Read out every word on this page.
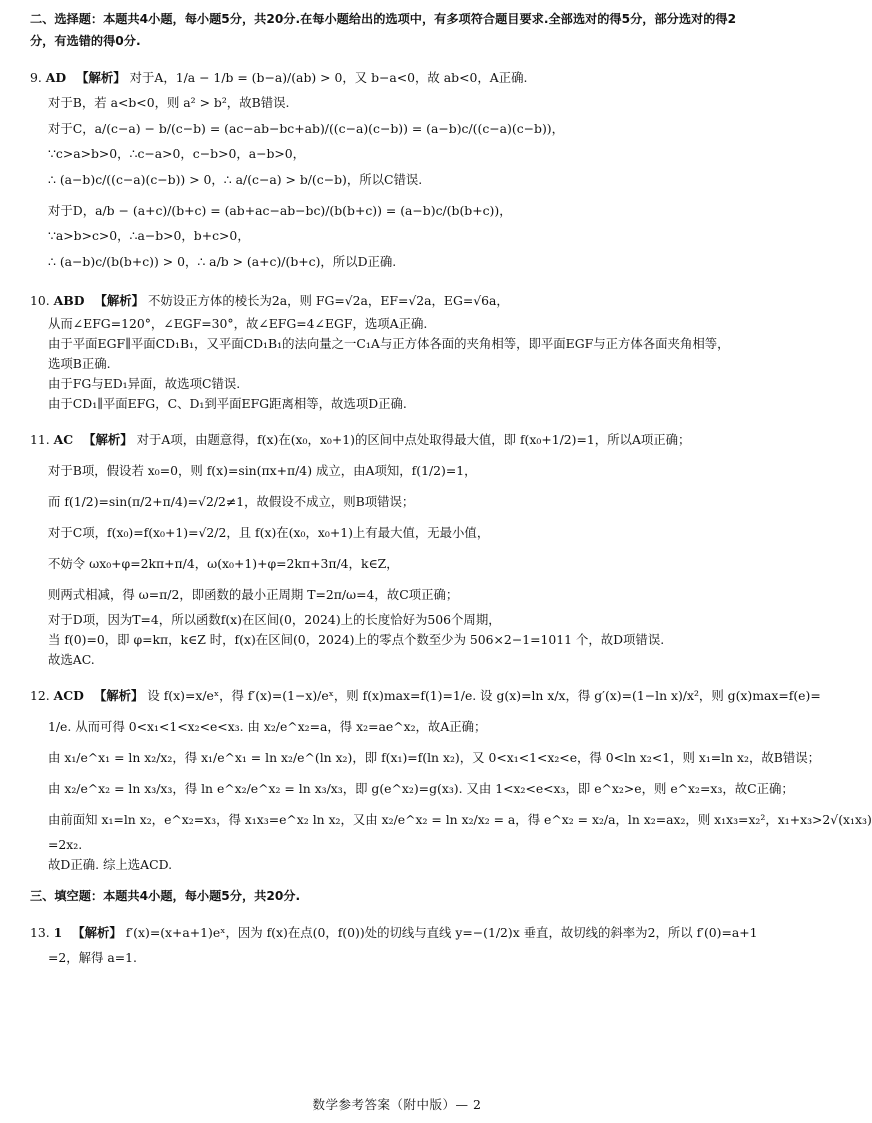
二、选择题：本题共4小题，每小题5分，共20分.在每小题给出的选项中，有多项符合题目要求.全部选对的得5分，部分选对的得2
分，有选错的得0分.
9. AD 【解析】 对于A，1/a − 1/b = (b−a)/(ab) > 0，又 b−a<0，故 ab<0，A正确.
对于B，若 a<b<0，则 a² > b²，故B错误.
对于C，a/(c−a) − b/(c−b) = (ac−ab−bc+ab)/((c−a)(c−b)) = (a−b)c/((c−a)(c−b))，
∵c>a>b>0，∴c−a>0，c−b>0，a−b>0，
∴ (a−b)c/((c−a)(c−b)) > 0，∴ a/(c−a) > b/(c−b)，所以C错误.
对于D，a/b − (a+c)/(b+c) = (ab+ac−ab−bc)/(b(b+c)) = (a−b)c/(b(b+c))，
∵a>b>c>0，∴a−b>0，b+c>0，
∴ (a−b)c/(b(b+c)) > 0，∴ a/b > (a+c)/(b+c)，所以D正确.
10. ABD 【解析】 不妨设正方体的棱长为2a，则 FG=√2a，EF=√2a，EG=√6a，
从而∠EFG=120°，∠EGF=30°，故∠EFG=4∠EGF，选项A正确.
由于平面EGF∥平面CD₁B₁，又平面CD₁B₁的法向量之一C₁A与正方体各面的夹角相等，即平面EGF与正方体各面夹角相等，
选项B正确.
由于FG与ED₁异面，故选项C错误.
由于CD₁∥平面EFG，C、D₁到平面EFG距离相等，故选项D正确.
11. AC 【解析】 对于A项，由题意得，f(x)在(x₀，x₀+1)的区间中点处取得最大值，即 f(x₀+1/2)=1，所以A项正确；
对于B项，假设若 x₀=0，则 f(x)=sin(πx+π/4) 成立，由A项知，f(1/2)=1，
而 f(1/2)=sin(π/2+π/4)=√2/2≠1，故假设不成立，则B项错误；
对于C项，f(x₀)=f(x₀+1)=√2/2，且 f(x)在(x₀，x₀+1)上有最大值，无最小值，
不妨令 ωx₀+φ=2kπ+π/4，ω(x₀+1)+φ=2kπ+3π/4，k∈Z，
则两式相减，得 ω=π/2，即函数的最小正周期 T=2π/ω=4，故C项正确；
对于D项，因为T=4，所以函数f(x)在区间(0，2024)上的长度恰好为506个周期，
当 f(0)=0，即 φ=kπ，k∈Z 时，f(x)在区间(0，2024)上的零点个数至少为 506×2−1=1011 个，故D项错误.
故选AC.
12. ACD 【解析】 设 f(x)=x/eˣ，得 f′(x)=(1−x)/eˣ，则 f(x)max=f(1)=1/e. 设 g(x)=ln x/x，得 g′(x)=(1−ln x)/x²，则 g(x)max=f(e)=
1/e. 从而可得 0<x₁<1<x₂<e<x₃. 由 x₂/e^x₂=a，得 x₂=ae^x₂，故A正确；
由 x₁/e^x₁ = ln x₂/x₂，得 x₁/e^x₁ = ln x₂/e^(ln x₂)，即 f(x₁)=f(ln x₂)，又 0<x₁<1<x₂<e，得 0<ln x₂<1，则 x₁=ln x₂，故B错误；
由 x₂/e^x₂ = ln x₃/x₃，得 ln e^x₂/e^x₂ = ln x₃/x₃，即 g(e^x₂)=g(x₃). 又由 1<x₂<e<x₃，即 e^x₂>e，则 e^x₂=x₃，故C正确；
由前面知 x₁=ln x₂，e^x₂=x₃，得 x₁x₃=e^x₂ ln x₂，又由 x₂/e^x₂ = ln x₂/x₂ = a，得 e^x₂ = x₂/a，ln x₂=ax₂，则 x₁x₃=x₂²，x₁+x₃>2√(x₁x₃)
=2x₂.
故D正确. 综上选ACD.
三、填空题：本题共4小题，每小题5分，共20分.
13. 1 【解析】 f′(x)=(x+a+1)eˣ，因为 f(x)在点(0，f(0))处的切线与直线 y=−(1/2)x 垂直，故切线的斜率为2，所以 f′(0)=a+1
=2，解得 a=1.
数学参考答案（附中版）— 2
